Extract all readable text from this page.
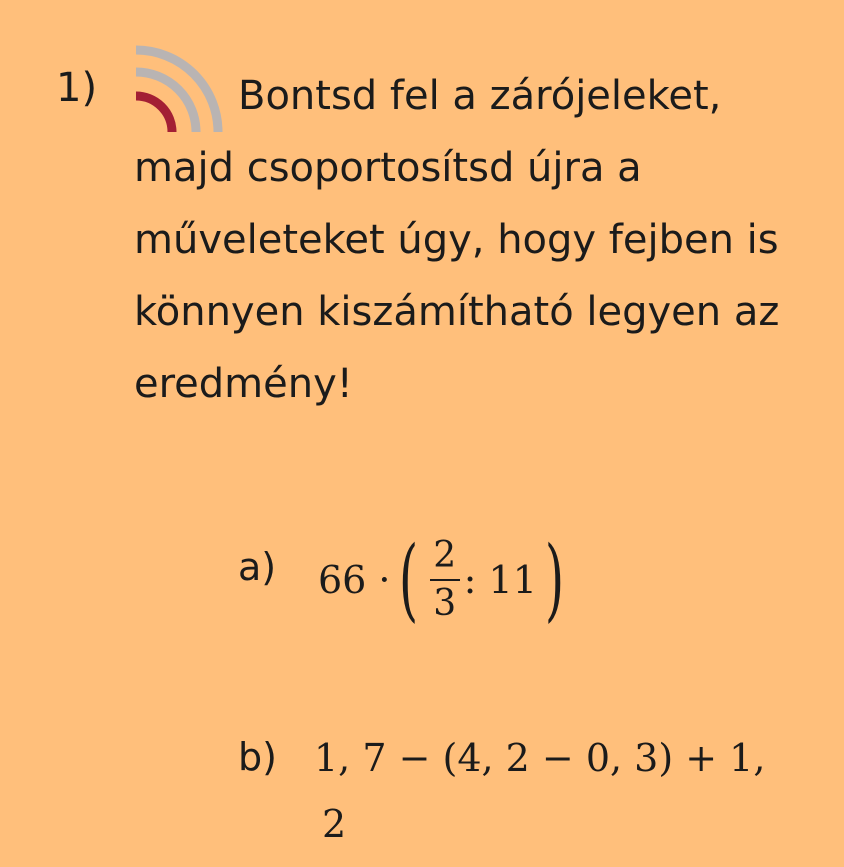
1)	Bontsd fel a zárójeleket, majd csoportosítsd újra a műveleteket úgy, hogy fejben is könnyen kiszámítható legyen az eredmény!

a) 66 · ( $\frac{2}{3}$ : 11 )
b) 1, 7 − (4, 2 − 0, 3) + 1,
2
